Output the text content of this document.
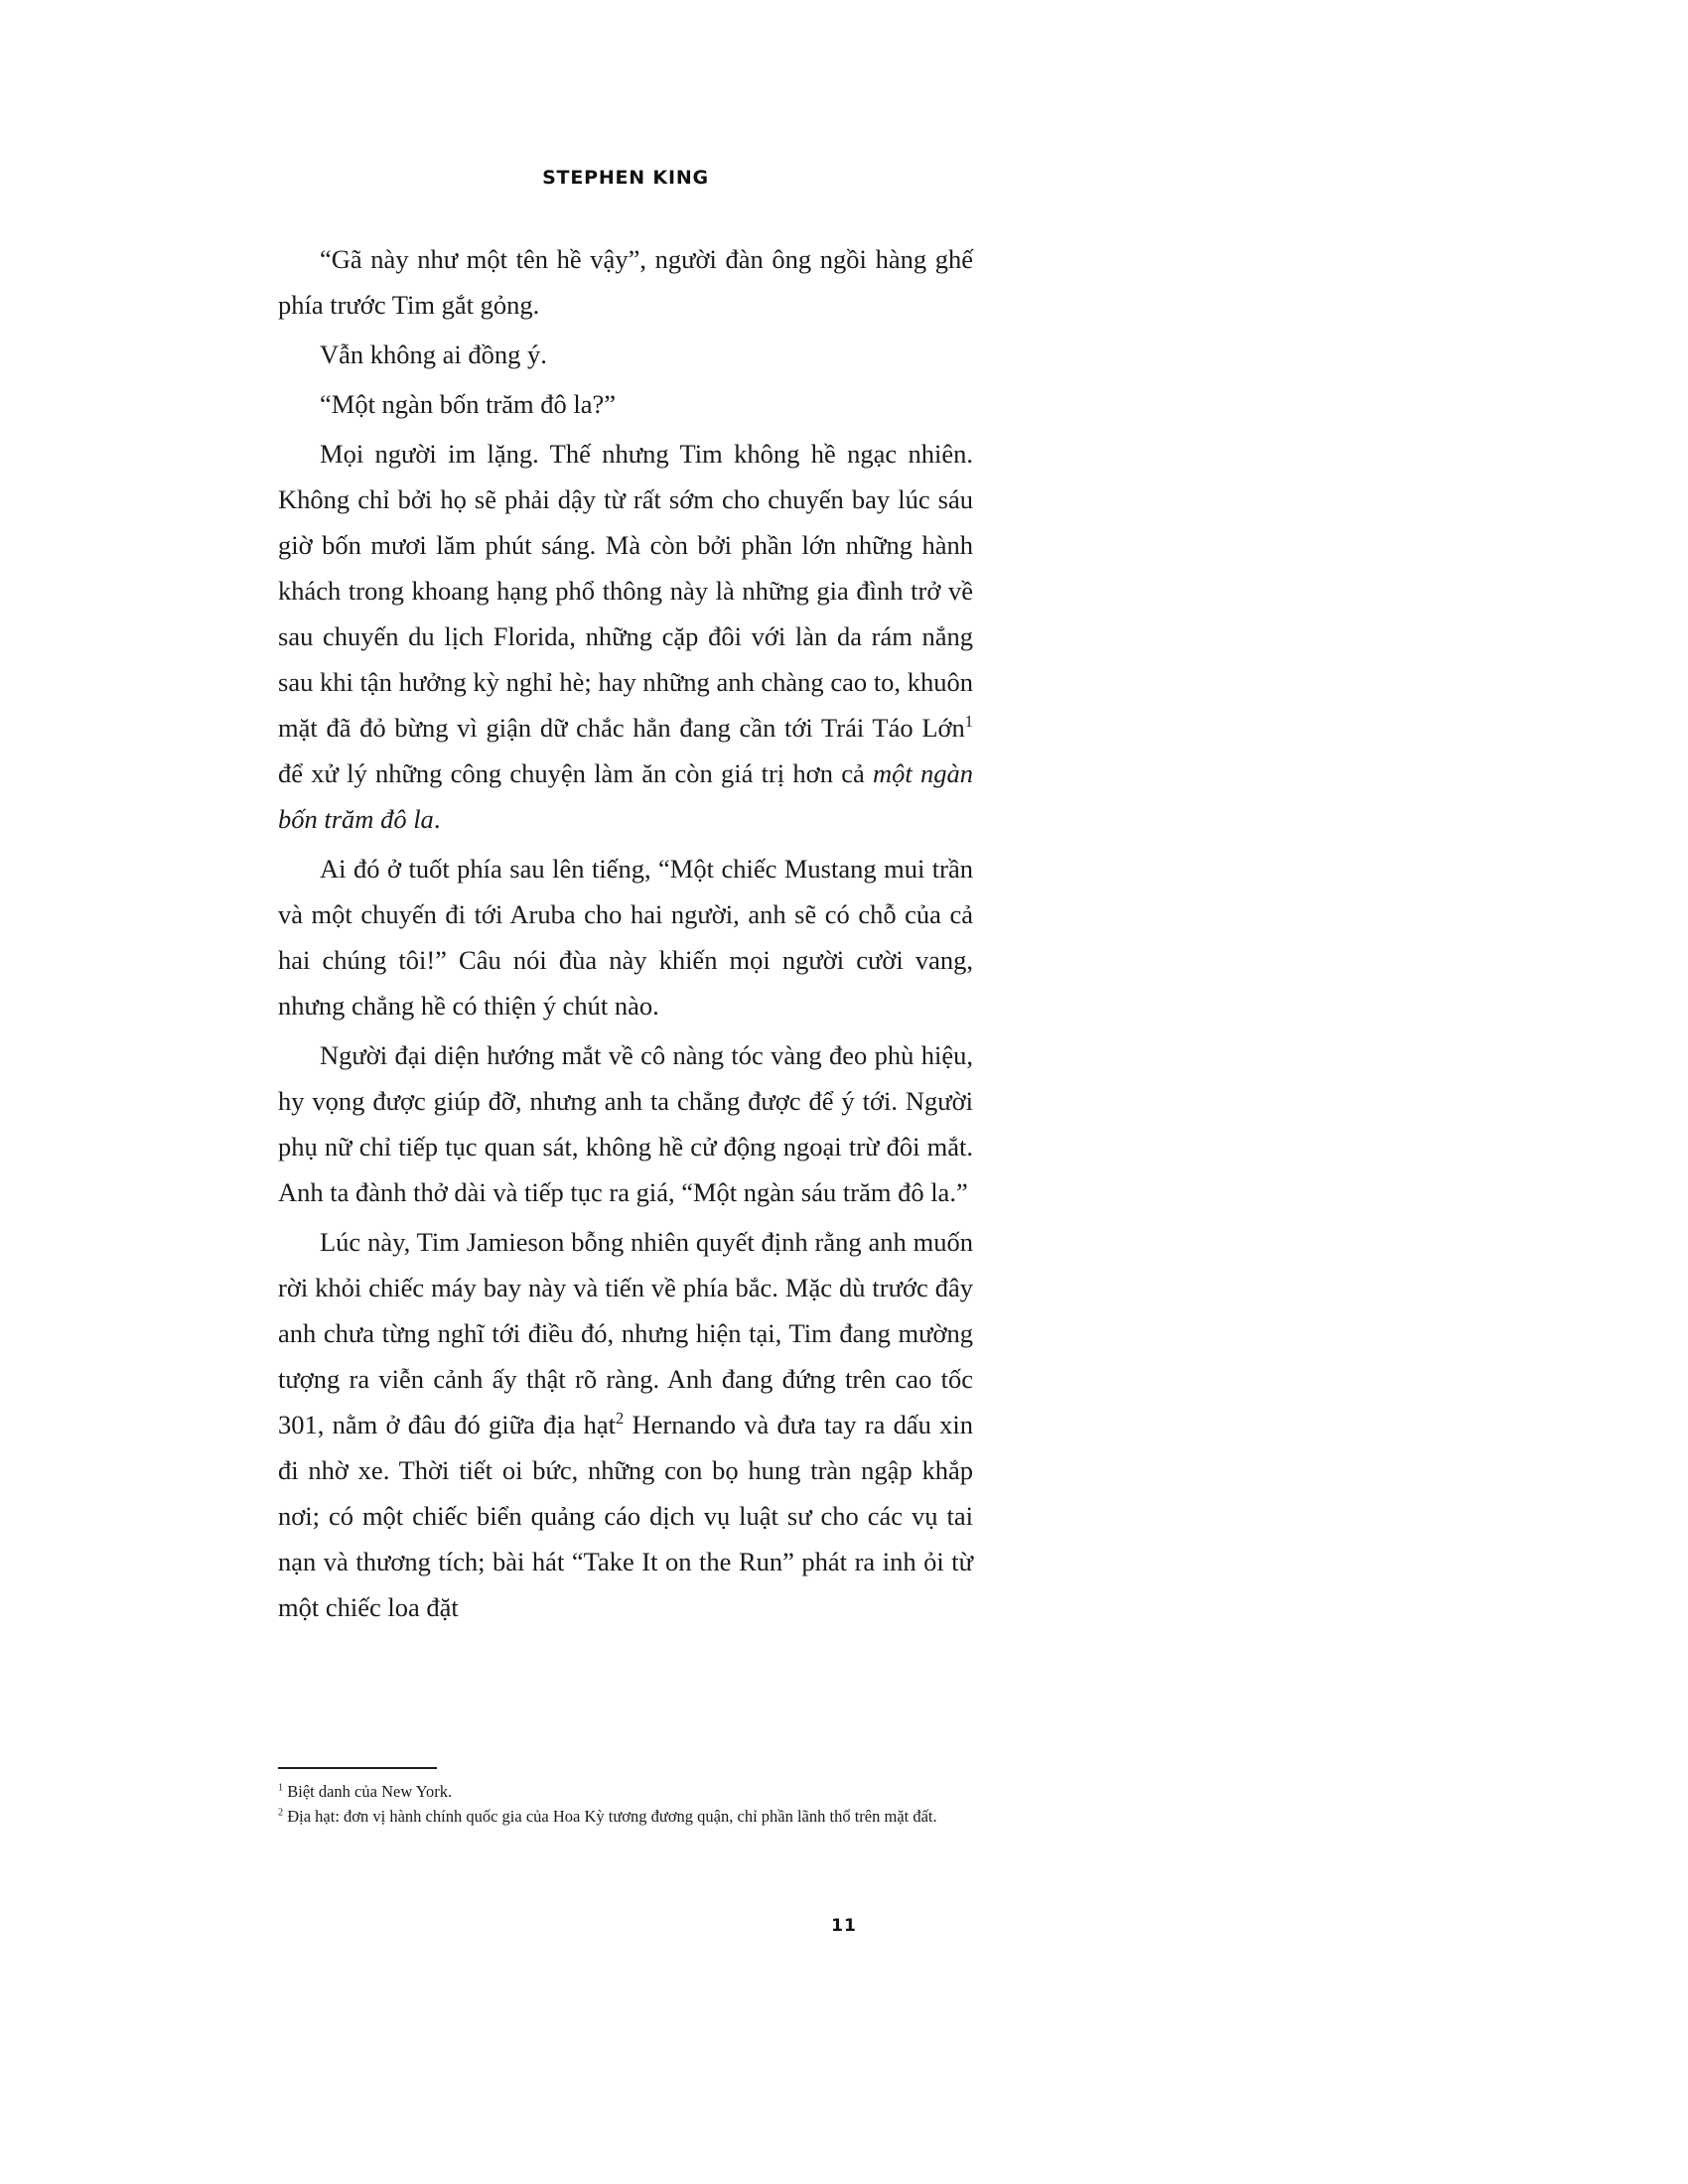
STEPHEN KING

“Gã này như một tên hề vậy”, người đàn ông ngồi hàng ghế phía trước Tim gắt gỏng.

Vẫn không ai đồng ý.

“Một ngàn bốn trăm đô la?”

Mọi người im lặng. Thế nhưng Tim không hề ngạc nhiên. Không chỉ bởi họ sẽ phải dậy từ rất sớm cho chuyến bay lúc sáu giờ bốn mươi lăm phút sáng. Mà còn bởi phần lớn những hành khách trong khoang hạng phổ thông này là những gia đình trở về sau chuyến du lịch Florida, những cặp đôi với làn da rám nắng sau khi tận hưởng kỳ nghỉ hè; hay những anh chàng cao to, khuôn mặt đã đỏ bừng vì giận dữ chắc hẳn đang cần tới Trái Táo Lớn$^1$ để xử lý những công chuyện làm ăn còn giá trị hơn cả một ngàn bốn trăm đô la.

Ai đó ở tuốt phía sau lên tiếng, “Một chiếc Mustang mui trần và một chuyến đi tới Aruba cho hai người, anh sẽ có chỗ của cả hai chúng tôi!” Câu nói đùa này khiến mọi người cười vang, nhưng chẳng hề có thiện ý chút nào.

Người đại diện hướng mắt về cô nàng tóc vàng đeo phù hiệu, hy vọng được giúp đỡ, nhưng anh ta chẳng được để ý tới. Người phụ nữ chỉ tiếp tục quan sát, không hề cử động ngoại trừ đôi mắt. Anh ta đành thở dài và tiếp tục ra giá, “Một ngàn sáu trăm đô la.”

Lúc này, Tim Jamieson bỗng nhiên quyết định rằng anh muốn rời khỏi chiếc máy bay này và tiến về phía bắc. Mặc dù trước đây anh chưa từng nghĩ tới điều đó, nhưng hiện tại, Tim đang mường tượng ra viễn cảnh ấy thật rõ ràng. Anh đang đứng trên cao tốc 301, nằm ở đâu đó giữa địa hạt$^2$ Hernando và đưa tay ra dấu xin đi nhờ xe. Thời tiết oi bức, những con bọ hung tràn ngập khắp nơi; có một chiếc biển quảng cáo dịch vụ luật sư cho các vụ tai nạn và thương tích; bài hát “Take It on the Run” phát ra inh ỏi từ một chiếc loa đặt

$^1$ Biệt danh của New York.

$^2$ Địa hạt: đơn vị hành chính quốc gia của Hoa Kỳ tương đương quận, chỉ phần lãnh thổ trên mặt đất.

11
